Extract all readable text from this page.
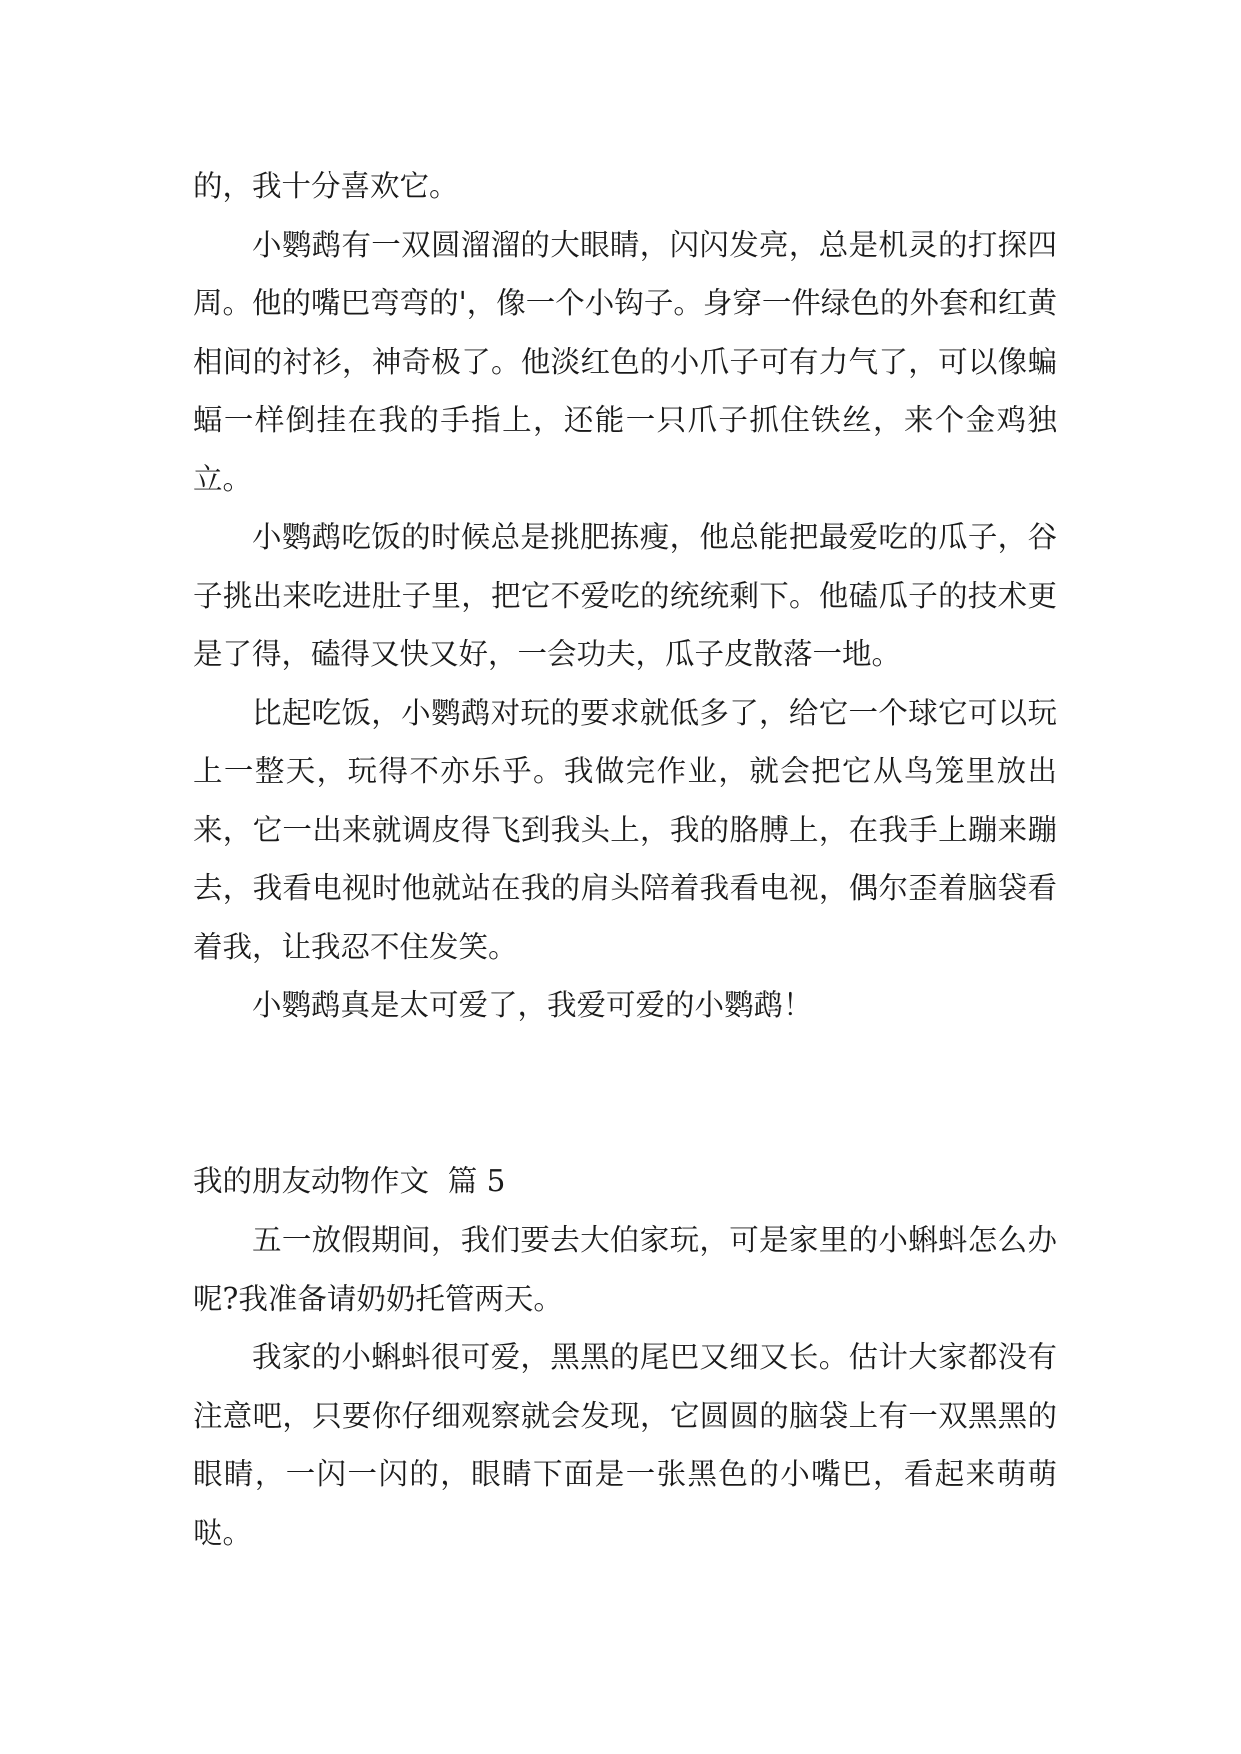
的，我十分喜欢它。

小鹦鹉有一双圆溜溜的大眼睛，闪闪发亮，总是机灵的打探四周。他的嘴巴弯弯的'，像一个小钩子。身穿一件绿色的外套和红黄相间的衬衫，神奇极了。他淡红色的小爪子可有力气了，可以像蝙蝠一样倒挂在我的手指上，还能一只爪子抓住铁丝，来个金鸡独立。

小鹦鹉吃饭的时候总是挑肥拣瘦，他总能把最爱吃的瓜子，谷子挑出来吃进肚子里，把它不爱吃的统统剩下。他磕瓜子的技术更是了得，磕得又快又好，一会功夫，瓜子皮散落一地。

比起吃饭，小鹦鹉对玩的要求就低多了，给它一个球它可以玩上一整天，玩得不亦乐乎。我做完作业，就会把它从鸟笼里放出来，它一出来就调皮得飞到我头上，我的胳膊上，在我手上蹦来蹦去，我看电视时他就站在我的肩头陪着我看电视，偶尔歪着脑袋看着我，让我忍不住发笑。

小鹦鹉真是太可爱了，我爱可爱的小鹦鹉！

我的朋友动物作文  篇 5

五一放假期间，我们要去大伯家玩，可是家里的小蝌蚪怎么办呢?我准备请奶奶托管两天。

我家的小蝌蚪很可爱，黑黑的尾巴又细又长。估计大家都没有注意吧，只要你仔细观察就会发现，它圆圆的脑袋上有一双黑黑的眼睛，一闪一闪的，眼睛下面是一张黑色的小嘴巴，看起来萌萌哒。
